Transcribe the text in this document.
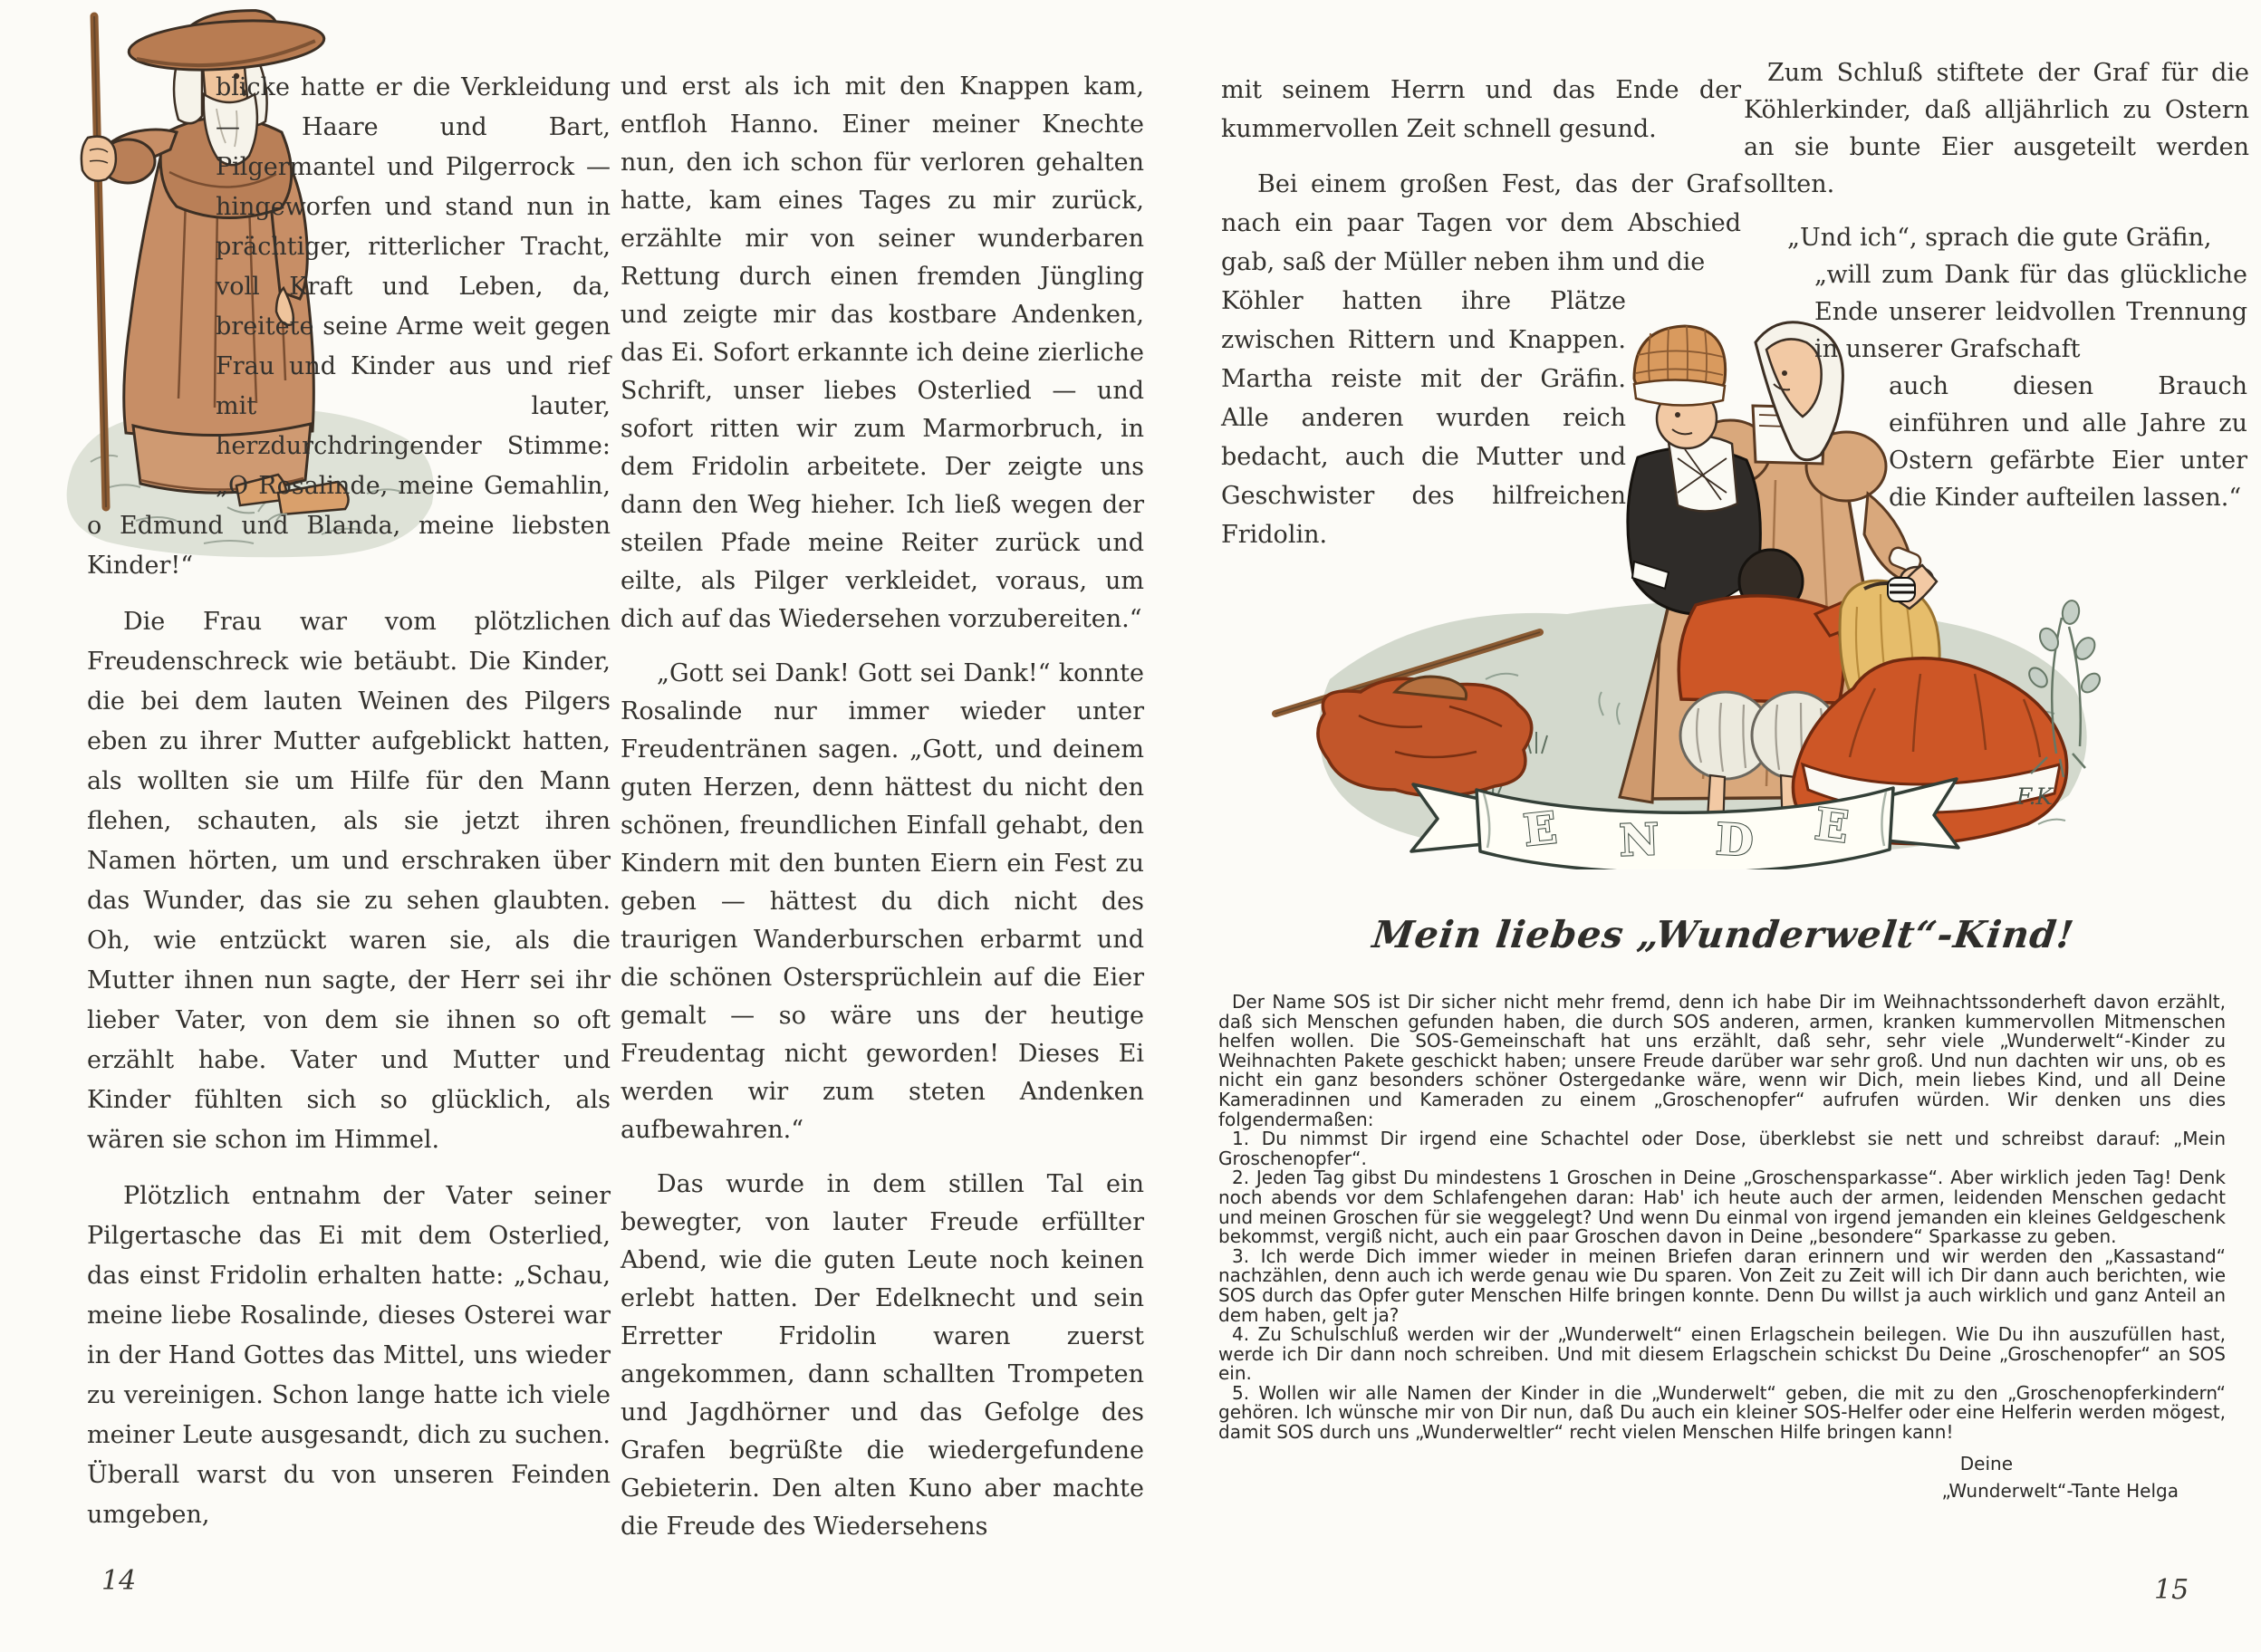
blicke hatte er die Verkleidung — Haare und Bart, Pilgermantel und Pilgerrock — hingeworfen und stand nun in prächtiger, ritterlicher Tracht, voll Kraft und Leben, da, breitete seine Arme weit gegen Frau und Kinder aus und rief mit lauter, herzdurchdringender Stimme: „O Rosalinde, meine Gemahlin, o Edmund und Blanda, meine liebsten Kinder!“

Die Frau war vom plötzlichen Freudenschreck wie betäubt. Die Kinder, die bei dem lauten Weinen des Pilgers eben zu ihrer Mutter aufgeblickt hatten, als wollten sie um Hilfe für den Mann flehen, schauten, als sie jetzt ihren Namen hörten, um und erschraken über das Wunder, das sie zu sehen glaubten. Oh, wie entzückt waren sie, als die Mutter ihnen nun sagte, der Herr sei ihr lieber Vater, von dem sie ihnen so oft erzählt habe. Vater und Mutter und Kinder fühlten sich so glücklich, als wären sie schon im Himmel.

Plötzlich entnahm der Vater seiner Pilgertasche das Ei mit dem Osterlied, das einst Fridolin erhalten hatte: „Schau, meine liebe Rosalinde, dieses Osterei war in der Hand Gottes das Mittel, uns wieder zu vereinigen. Schon lange hatte ich viele meiner Leute ausgesandt, dich zu suchen. Überall warst du von unseren Feinden umgeben,

und erst als ich mit den Knappen kam, entfloh Hanno. Einer meiner Knechte nun, den ich schon für verloren gehalten hatte, kam eines Tages zu mir zurück, erzählte mir von seiner wunderbaren Rettung durch einen fremden Jüngling und zeigte mir das kostbare Andenken, das Ei. Sofort erkannte ich deine zierliche Schrift, unser liebes Osterlied — und sofort ritten wir zum Marmorbruch, in dem Fridolin arbeitete. Der zeigte uns dann den Weg hieher. Ich ließ wegen der steilen Pfade meine Reiter zurück und eilte, als Pilger verkleidet, voraus, um dich auf das Wiedersehen vorzubereiten.“

„Gott sei Dank! Gott sei Dank!“ konnte Rosalinde nur immer wieder unter Freudentränen sagen. „Gott, und deinem guten Herzen, denn hättest du nicht den schönen, freundlichen Einfall gehabt, den Kindern mit den bunten Eiern ein Fest zu geben — hättest du dich nicht des traurigen Wanderburschen erbarmt und die schönen Ostersprüchlein auf die Eier gemalt — so wäre uns der heutige Freudentag nicht geworden! Dieses Ei werden wir zum steten Andenken aufbewahren.“

Das wurde in dem stillen Tal ein bewegter, von lauter Freude erfüllter Abend, wie die guten Leute noch keinen erlebt hatten. Der Edelknecht und sein Erretter Fridolin waren zuerst angekommen, dann schallten Trompeten und Jagdhörner und das Gefolge des Grafen begrüßte die wiedergefundene Gebieterin. Den alten Kuno aber machte die Freude des Wiedersehens

14
F.K
E N D E

mit seinem Herrn und das Ende der kummervollen Zeit schnell gesund.

Bei einem großen Fest, das der Graf nach ein paar Tagen vor dem Abschied gab, saß der Müller neben ihm und die

Köhler hatten ihre Plätze zwischen Rittern und Knappen. Martha reiste mit der Gräfin. Alle anderen wurden reich bedacht, auch die Mutter und Geschwister des hilfreichen Fridolin.

Zum Schluß stiftete der Graf für die Köhlerkinder, daß alljährlich zu Ostern an sie bunte Eier ausgeteilt werden sollten.

„Und ich“, sprach die gute Gräfin,

„will zum Dank für das glückliche Ende unserer leidvollen Trennung in unserer Grafschaft

auch diesen Brauch einführen und alle Jahre zu Ostern gefärbte Eier unter die Kinder aufteilen lassen.“

Mein liebes „Wunderwelt“-Kind!

Der Name SOS ist Dir sicher nicht mehr fremd, denn ich habe Dir im Weihnachtssonderheft davon erzählt, daß sich Menschen gefunden haben, die durch SOS anderen, armen, kranken kummervollen Mitmenschen helfen wollen. Die SOS-Gemeinschaft hat uns erzählt, daß sehr, sehr viele „Wunderwelt“-Kinder zu Weihnachten Pakete geschickt haben; unsere Freude darüber war sehr groß. Und nun dachten wir uns, ob es nicht ein ganz besonders schöner Ostergedanke wäre, wenn wir Dich, mein liebes Kind, und all Deine Kameradinnen und Kameraden zu einem „Groschenopfer“ aufrufen würden. Wir denken uns dies folgendermaßen:

1. Du nimmst Dir irgend eine Schachtel oder Dose, überklebst sie nett und schreibst darauf: „Mein Groschenopfer“.

2. Jeden Tag gibst Du mindestens 1 Groschen in Deine „Groschensparkasse“. Aber wirklich jeden Tag! Denk noch abends vor dem Schlafengehen daran: Hab' ich heute auch der armen, leidenden Menschen gedacht und meinen Groschen für sie weggelegt? Und wenn Du einmal von irgend jemanden ein kleines Geldgeschenk bekommst, vergiß nicht, auch ein paar Groschen davon in Deine „besondere“ Sparkasse zu geben.

3. Ich werde Dich immer wieder in meinen Briefen daran erinnern und wir werden den „Kassastand“ nachzählen, denn auch ich werde genau wie Du sparen. Von Zeit zu Zeit will ich Dir dann auch berichten, wie SOS durch das Opfer guter Menschen Hilfe bringen konnte. Denn Du willst ja auch wirklich und ganz Anteil an dem haben, gelt ja?

4. Zu Schulschluß werden wir der „Wunderwelt“ einen Erlagschein beilegen. Wie Du ihn auszufüllen hast, werde ich Dir dann noch schreiben. Und mit diesem Erlagschein schickst Du Deine „Groschenopfer“ an SOS ein.

5. Wollen wir alle Namen der Kinder in die „Wunderwelt“ geben, die mit zu den „Groschenopferkindern“ gehören. Ich wünsche mir von Dir nun, daß Du auch ein kleiner SOS-Helfer oder eine Helferin werden mögest, damit SOS durch uns „Wunderweltler“ recht vielen Menschen Hilfe bringen kann!

Deine

„Wunderwelt“-Tante Helga

15
